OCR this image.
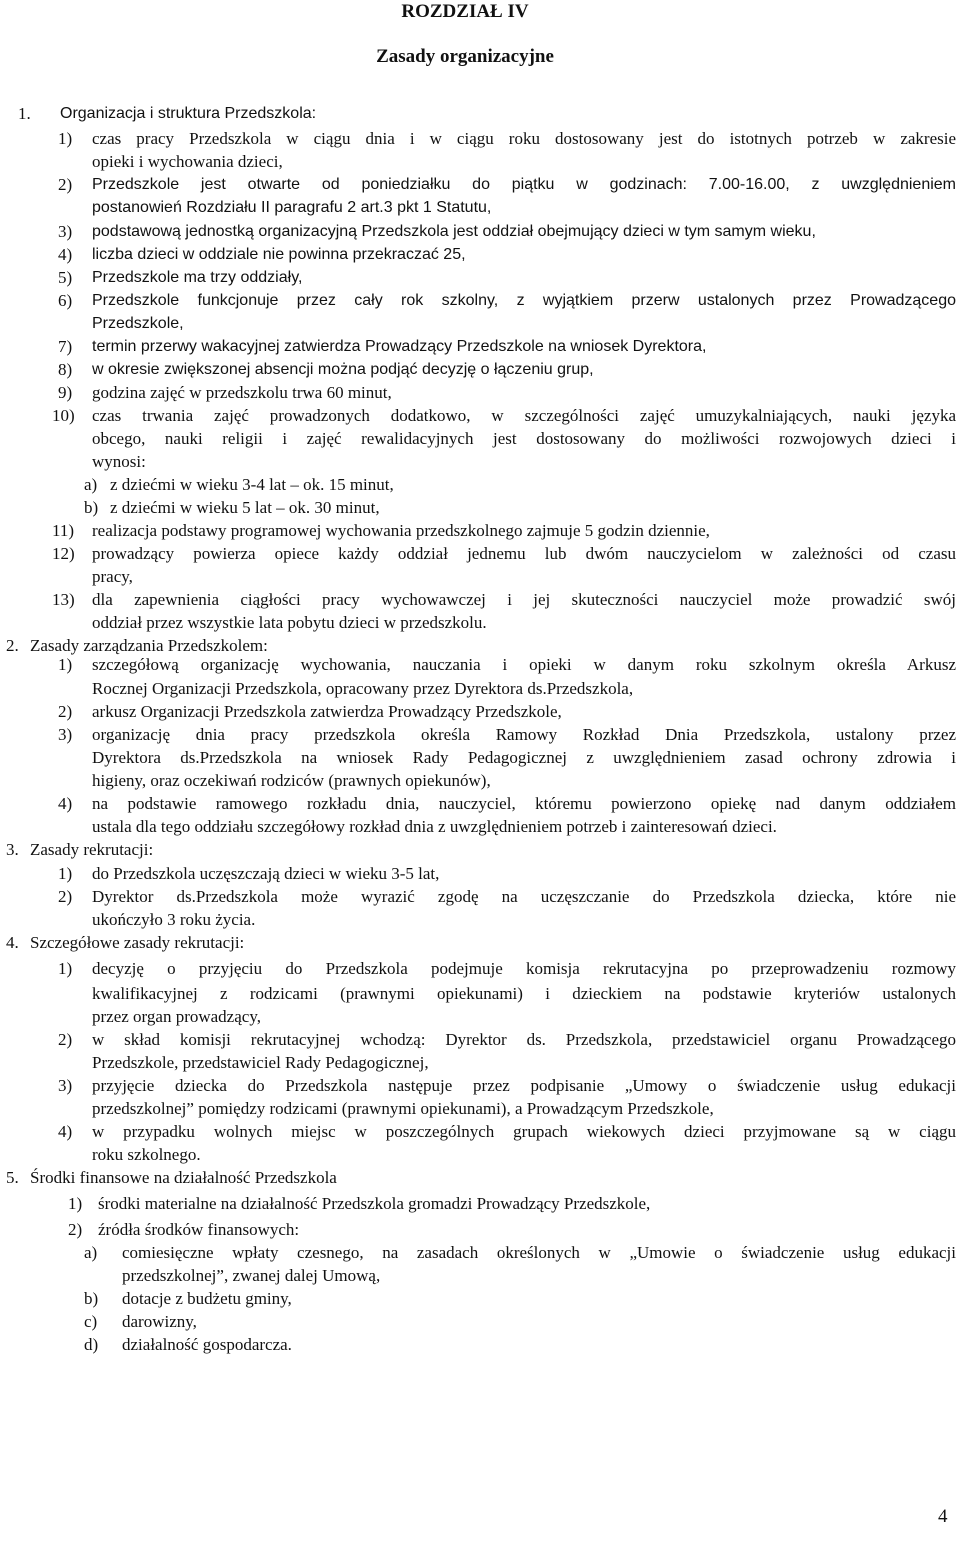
ROZDZIAŁ IV
Zasady organizacyjne
1. Organizacja i struktura Przedszkola:
1) czas pracy Przedszkola w ciągu dnia i w ciągu roku dostosowany jest do istotnych potrzeb w zakresie
opieki i wychowania dzieci,
2) Przedszkole jest otwarte od poniedziałku do piątku w godzinach: 7.00-16.00, z uwzględnieniem
postanowień Rozdziału II paragrafu 2 art.3 pkt 1 Statutu,
3) podstawową jednostką organizacyjną Przedszkola jest oddział obejmujący dzieci w tym samym wieku,
4) liczba dzieci w oddziale nie powinna przekraczać 25,
5) Przedszkole ma trzy oddziały,
6) Przedszkole funkcjonuje przez cały rok szkolny, z wyjątkiem przerw ustalonych przez Prowadzącego
Przedszkole,
7) termin przerwy wakacyjnej zatwierdza Prowadzący Przedszkole na wniosek Dyrektora,
8) w okresie zwiększonej absencji można podjąć decyzję o łączeniu grup,
9) godzina zajęć w przedszkolu trwa 60 minut,
10) czas trwania zajęć prowadzonych dodatkowo, w szczególności zajęć umuzykalniających, nauki języka
obcego, nauki religii i zajęć rewalidacyjnych jest dostosowany do możliwości rozwojowych dzieci i
wynosi:
a) z dziećmi w wieku 3-4 lat – ok. 15 minut,
b) z dziećmi w wieku 5 lat – ok. 30 minut,
11) realizacja podstawy programowej wychowania przedszkolnego zajmuje 5 godzin dziennie,
12) prowadzący powierza opiece każdy oddział jednemu lub dwóm nauczycielom w zależności od czasu
pracy,
13) dla zapewnienia ciągłości pracy wychowawczej i jej skuteczności nauczyciel może prowadzić swój
oddział przez wszystkie lata pobytu dzieci w przedszkolu.
2. Zasady zarządzania Przedszkolem:
1) szczegółową organizację wychowania, nauczania i opieki w danym roku szkolnym określa Arkusz
Rocznej Organizacji Przedszkola, opracowany przez Dyrektora ds.Przedszkola,
2) arkusz Organizacji Przedszkola zatwierdza Prowadzący Przedszkole,
3) organizację dnia pracy przedszkola określa Ramowy Rozkład Dnia Przedszkola, ustalony przez
Dyrektora ds.Przedszkola na wniosek Rady Pedagogicznej z uwzględnieniem zasad ochrony zdrowia i
higieny, oraz oczekiwań rodziców (prawnych opiekunów),
4) na podstawie ramowego rozkładu dnia, nauczyciel, któremu powierzono opiekę nad danym oddziałem
ustala dla tego oddziału szczegółowy rozkład dnia z uwzględnieniem potrzeb i zainteresowań dzieci.
3. Zasady rekrutacji:
1) do Przedszkola uczęszczają dzieci w wieku 3-5 lat,
2) Dyrektor ds.Przedszkola może wyrazić zgodę na uczęszczanie do Przedszkola dziecka, które nie
ukończyło 3 roku życia.
4. Szczegółowe zasady rekrutacji:
1) decyzję o przyjęciu do Przedszkola podejmuje komisja rekrutacyjna po przeprowadzeniu rozmowy
kwalifikacyjnej z rodzicami (prawnymi opiekunami) i dzieckiem na podstawie kryteriów ustalonych
przez organ prowadzący,
2) w skład komisji rekrutacyjnej wchodzą: Dyrektor ds. Przedszkola, przedstawiciel organu Prowadzącego
Przedszkole, przedstawiciel Rady Pedagogicznej,
3) przyjęcie dziecka do Przedszkola następuje przez podpisanie „Umowy o świadczenie usług edukacji
przedszkolnej” pomiędzy rodzicami (prawnymi opiekunami), a Prowadzącym Przedszkole,
4) w przypadku wolnych miejsc w poszczególnych grupach wiekowych dzieci przyjmowane są w ciągu
roku szkolnego.
5. Środki finansowe na działalność Przedszkola
1) środki materialne na działalność Przedszkola gromadzi Prowadzący Przedszkole,
2) źródła środków finansowych:
a) comiesięczne wpłaty czesnego, na zasadach określonych w „Umowie o świadczenie usług edukacji
przedszkolnej”, zwanej dalej Umową,
b) dotacje z budżetu gminy,
c) darowizny,
d) działalność gospodarcza.
4
